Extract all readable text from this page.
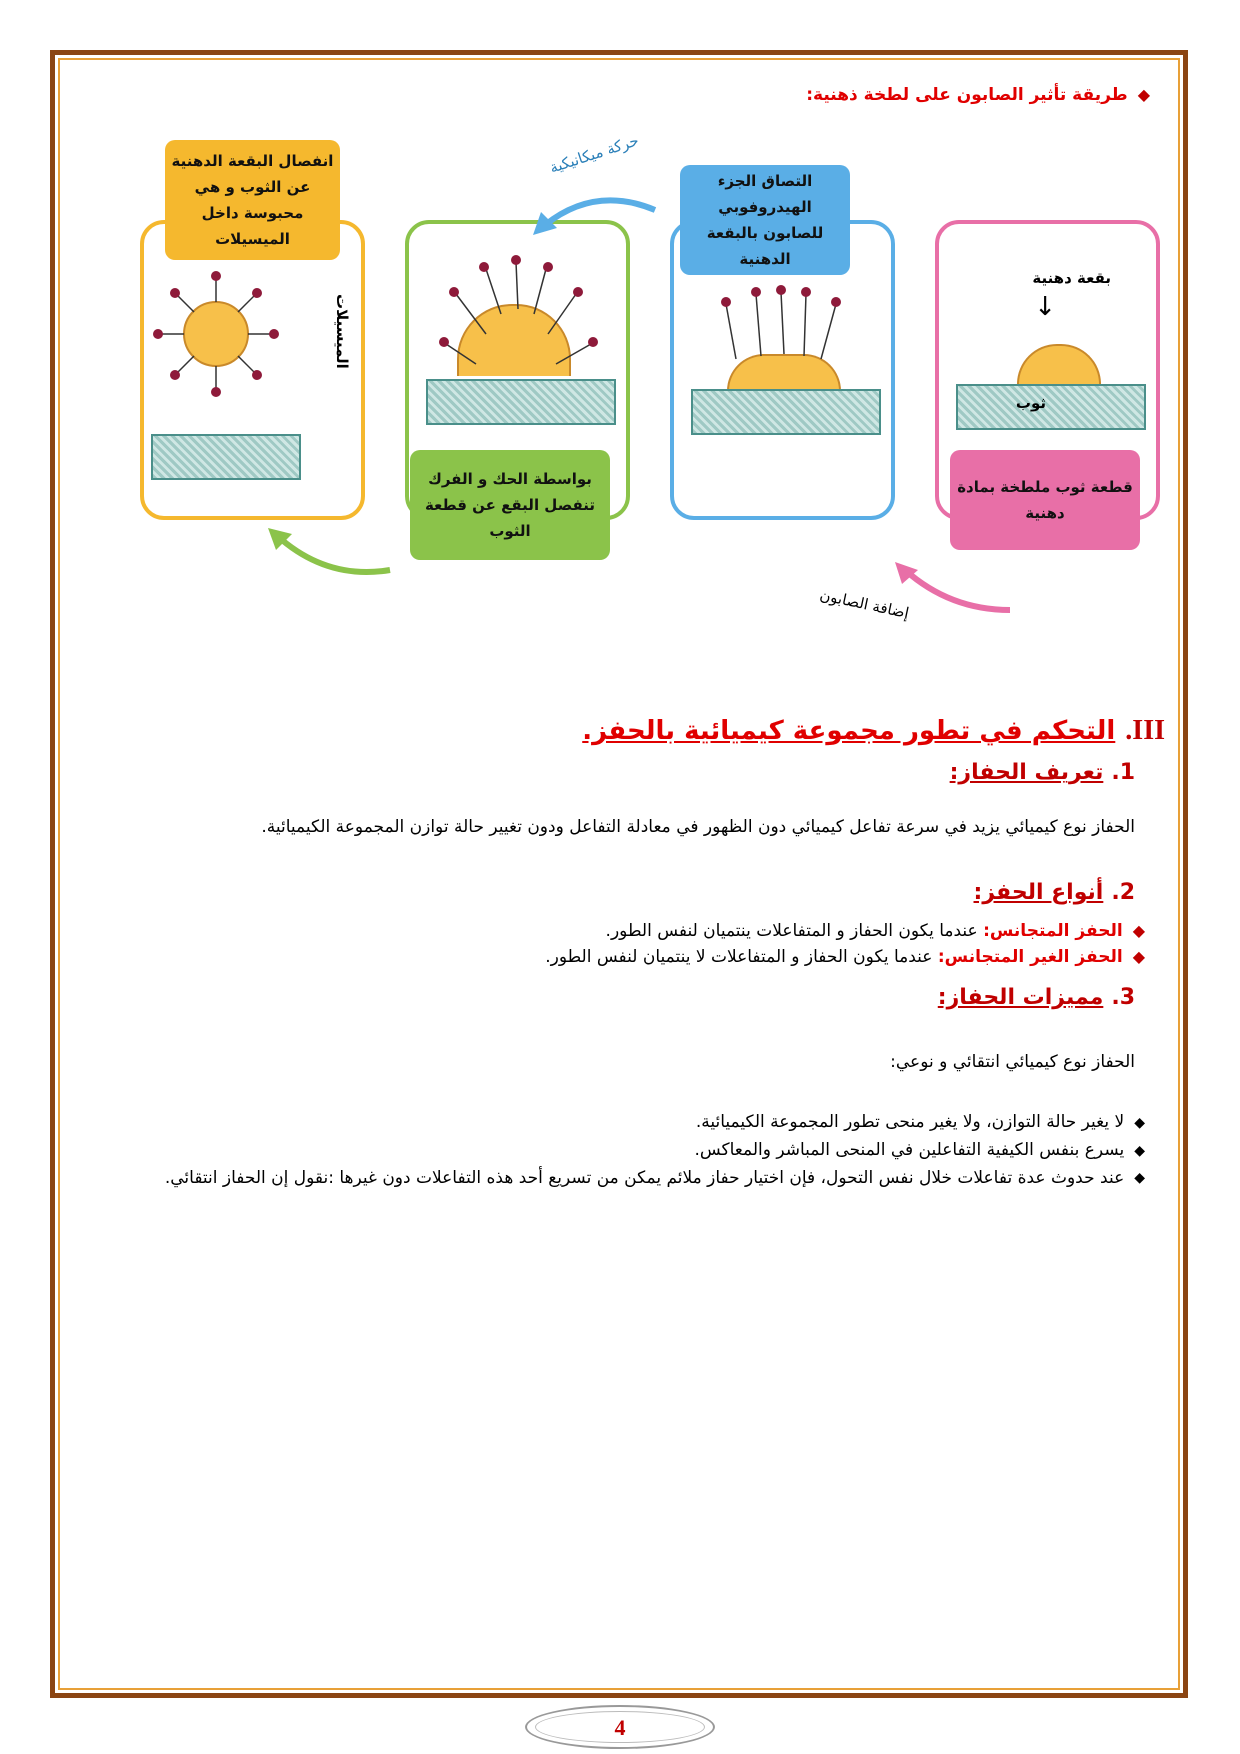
◆طريقة تأثير الصابون على لطخة ذهنية:
بقعة دهنية
↓
ثوب
قطعة ثوب ملطخة بمادة دهنية
التصاق الجزء الهيدروفوبي للصابون بالبقعة الدهنية
بواسطة الحك و الفرك تنفصل البقع عن قطعة الثوب
الميسيلات
انفصال البقعة الدهنية عن الثوب و هي محبوسة داخل الميسيلات
إضافة الصابون
حركة ميكانيكية
III.التحكم في تطور مجموعة كيميائية بالحفز.
1.تعريف الحفاز:
الحفاز نوع كيميائي يزيد في سرعة تفاعل كيميائي دون الظهور في معادلة التفاعل ودون تغيير حالة توازن المجموعة الكيميائية.
2.أنواع الحفز:
◆الحفز المتجانس: عندما يكون الحفاز و المتفاعلات ينتميان لنفس الطور.
◆الحفز الغير المتجانس: عندما يكون الحفاز و المتفاعلات لا ينتميان لنفس الطور.
3.مميزات الحفاز:
الحفاز نوع كيميائي انتقائي و نوعي:
◆لا يغير حالة التوازن، ولا يغير منحى تطور المجموعة الكيميائية.
◆يسرع بنفس الكيفية التفاعلين في المنحى المباشر والمعاكس.
◆
عند حدوث عدة تفاعلات خلال نفس التحول، فإن اختيار حفاز ملائم يمكن من تسريع أحد هذه التفاعلات دون غيرها :نقول إن الحفاز انتقائي.
4
